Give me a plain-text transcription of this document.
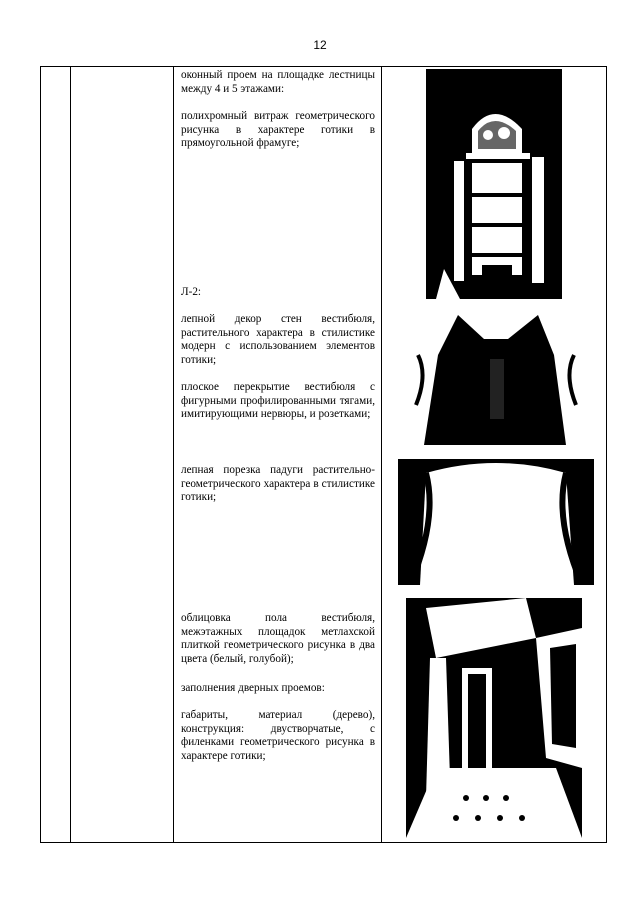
12
оконный проем на площадке лестницы между 4 и 5 этажами:
полихромный витраж геометрического рисунка в характере готики в прямоугольной фрамуге;
Л-2:
лепной декор стен вестибюля, растительного характера в стилистике модерн с использованием элементов готики;
плоское перекрытие вестибюля с фигурными профилированными тягами, имитирующими нервюры, и розетками;
лепная порезка падуги растительно-геометрического характера в стилистике готики;
облицовка пола вестибюля, межэтажных площадок метлахской плиткой геометрического рисунка в два цвета (белый, голубой);
заполнения дверных проемов:
габариты, материал (дерево), конструкция: двустворчатые, с филенками геометрического рисунка в характере готики;
